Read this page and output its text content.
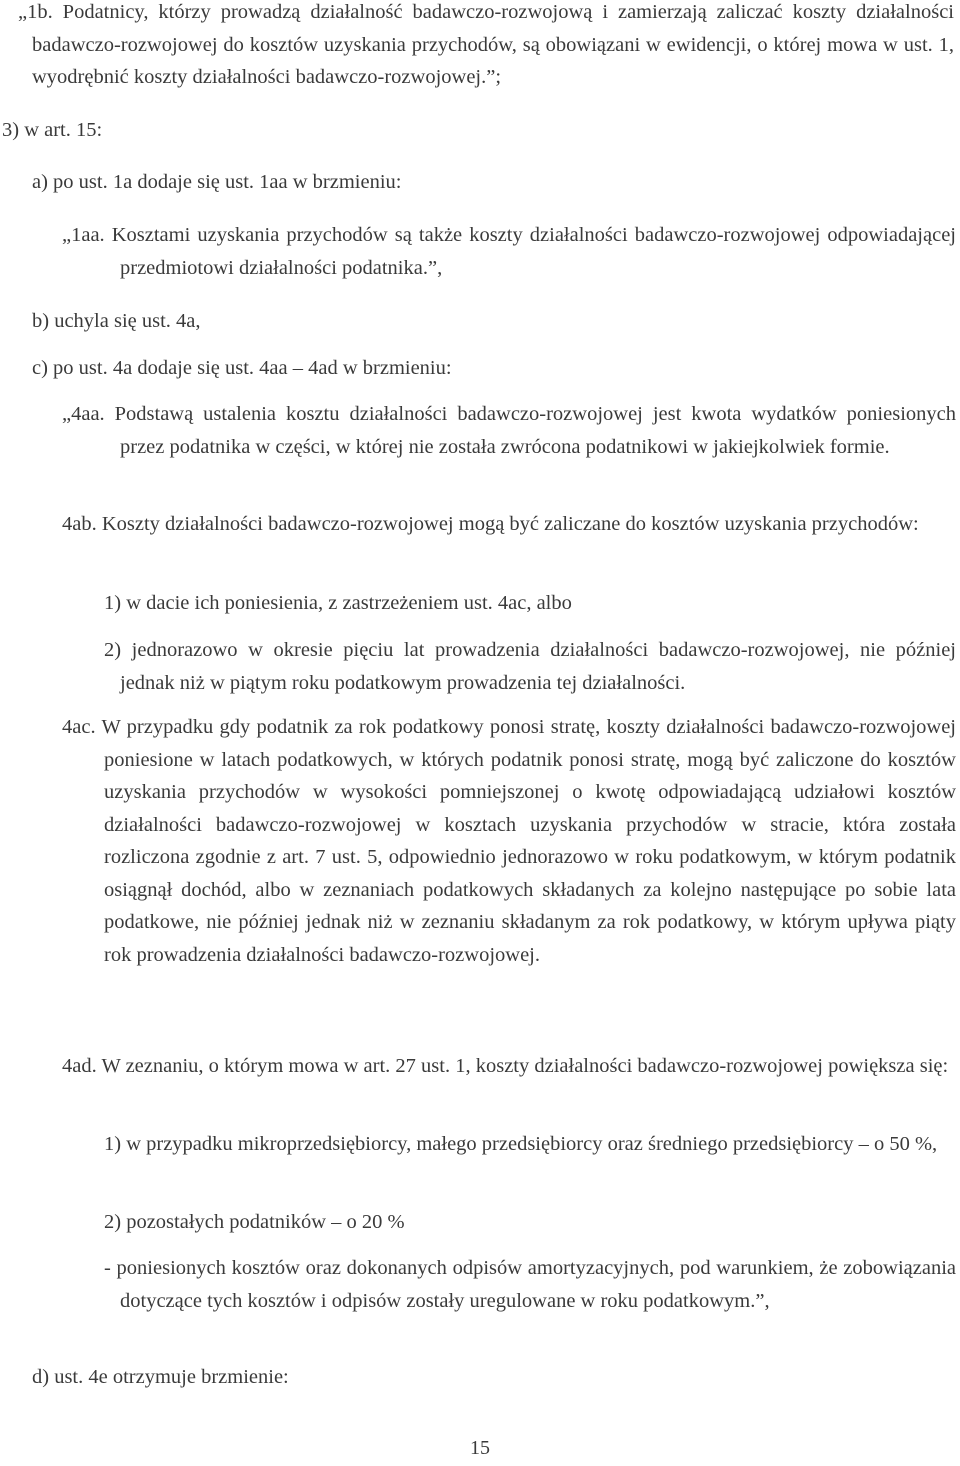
„1b. Podatnicy, którzy prowadzą działalność badawczo-rozwojową i zamierzają zaliczać koszty działalności badawczo-rozwojowej do kosztów uzyskania przychodów, są obowiązani w ewidencji, o której mowa w ust. 1, wyodrębnić koszty działalności badawczo-rozwojowej.”;

3) w art. 15:

a) po ust. 1a dodaje się ust. 1aa w brzmieniu:

„1aa. Kosztami uzyskania przychodów są także koszty działalności badawczo-rozwojowej odpowiadającej przedmiotowi działalności podatnika.”,

b) uchyla się ust. 4a,

c) po ust. 4a dodaje się ust. 4aa – 4ad w brzmieniu:

„4aa. Podstawą ustalenia kosztu działalności badawczo-rozwojowej jest kwota wydatków poniesionych przez podatnika w części, w której nie została zwrócona podatnikowi w jakiejkolwiek formie.

4ab. Koszty działalności badawczo-rozwojowej mogą być zaliczane do kosztów uzyskania przychodów:

1) w dacie ich poniesienia, z zastrzeżeniem ust. 4ac, albo

2) jednorazowo w okresie pięciu lat prowadzenia działalności badawczo-rozwojowej, nie później jednak niż w piątym roku podatkowym prowadzenia tej działalności.

4ac. W przypadku gdy podatnik za rok podatkowy ponosi stratę, koszty działalności badawczo-rozwojowej poniesione w latach podatkowych, w których podatnik ponosi stratę, mogą być zaliczone do kosztów uzyskania przychodów w wysokości pomniejszonej o kwotę odpowiadającą udziałowi kosztów działalności badawczo-rozwojowej w kosztach uzyskania przychodów w stracie, która została rozliczona zgodnie z art. 7 ust. 5, odpowiednio jednorazowo w roku podatkowym, w którym podatnik osiągnął dochód, albo w zeznaniach podatkowych składanych za kolejno następujące po sobie lata podatkowe, nie później jednak niż w zeznaniu składanym za rok podatkowy, w którym upływa piąty rok prowadzenia działalności badawczo-rozwojowej.

4ad. W zeznaniu, o którym mowa w art. 27 ust. 1, koszty działalności badawczo-rozwojowej powiększa się:

1) w przypadku mikroprzedsiębiorcy, małego przedsiębiorcy oraz średniego przedsiębiorcy – o 50 %,

2) pozostałych podatników – o 20 %

- poniesionych kosztów oraz dokonanych odpisów amortyzacyjnych, pod warunkiem, że zobowiązania dotyczące tych kosztów i odpisów zostały uregulowane w roku podatkowym.”,

d) ust. 4e otrzymuje brzmienie:

15
